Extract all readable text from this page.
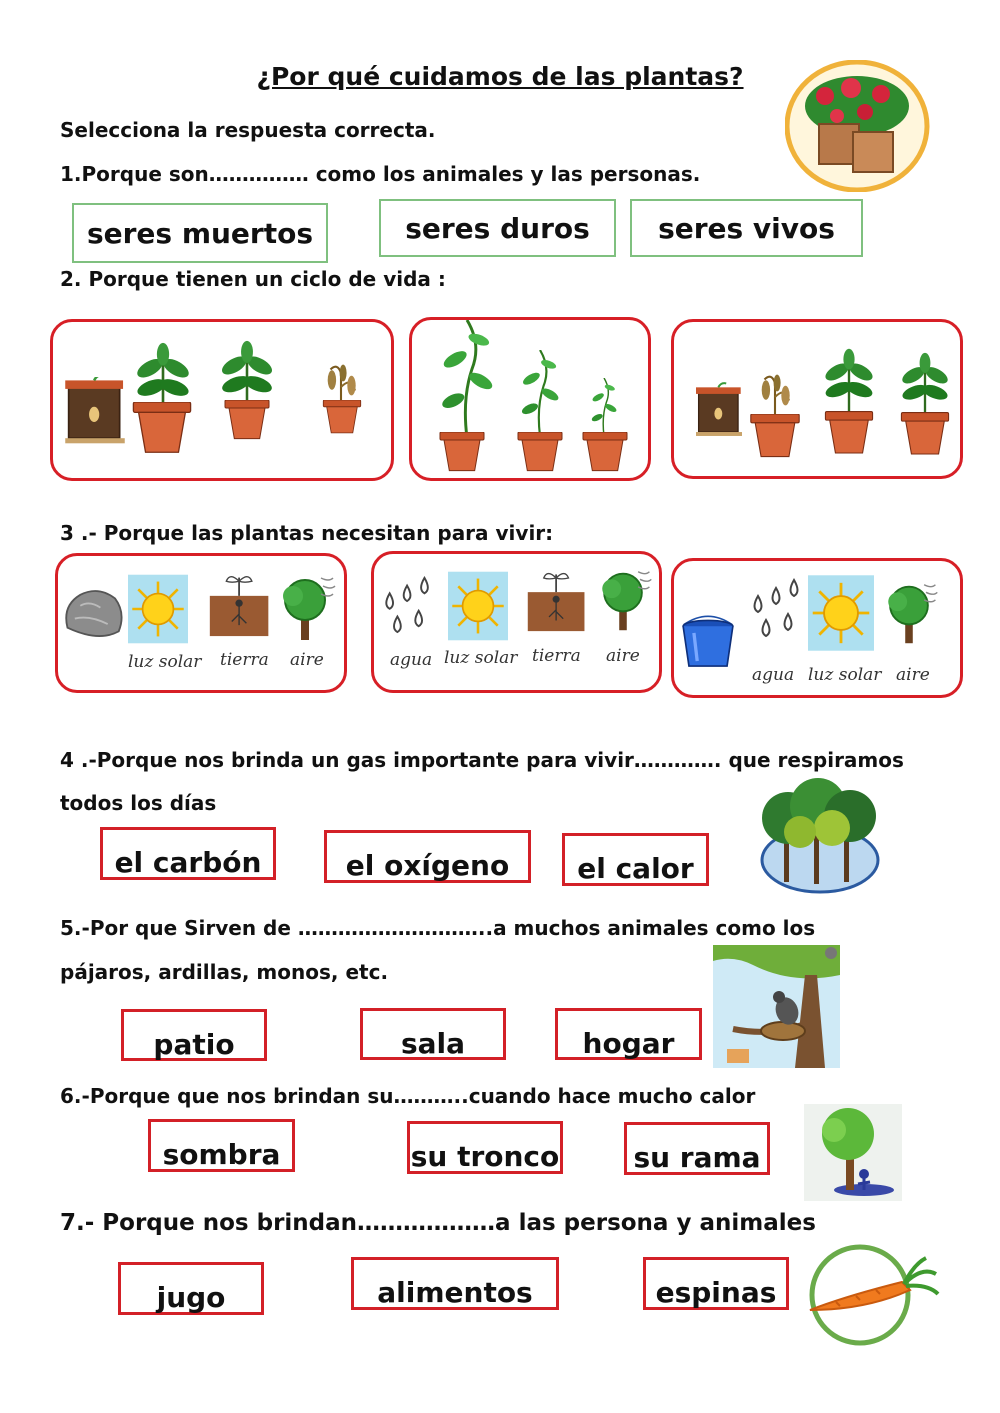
¿Por qué cuidamos de las plantas?
Selecciona la respuesta correcta.
1.Porque son…………… como los animales y las personas.
seres muertos	seres duros seres vivos
2. Porque tienen un ciclo de vida :
3 .- Porque las plantas necesitan para vivir:
luz solar tierra aire	agua luz solar tierra aire
agua luz solar aire
4 .-Porque nos brinda un gas importante para vivir…………. que respiramos
todos los días
el carbón	el oxígeno el calor
5.-Por que Sirven de ………………………..a muchos animales como los
pájaros, ardillas, monos, etc.
patio	sala	hogar
6.-Porque que nos brindan su………..cuando hace mucho calor
sombra	su tronco	su rama
7.- Porque nos brindan………………a las persona y animales
jugo	alimentos	espinas
